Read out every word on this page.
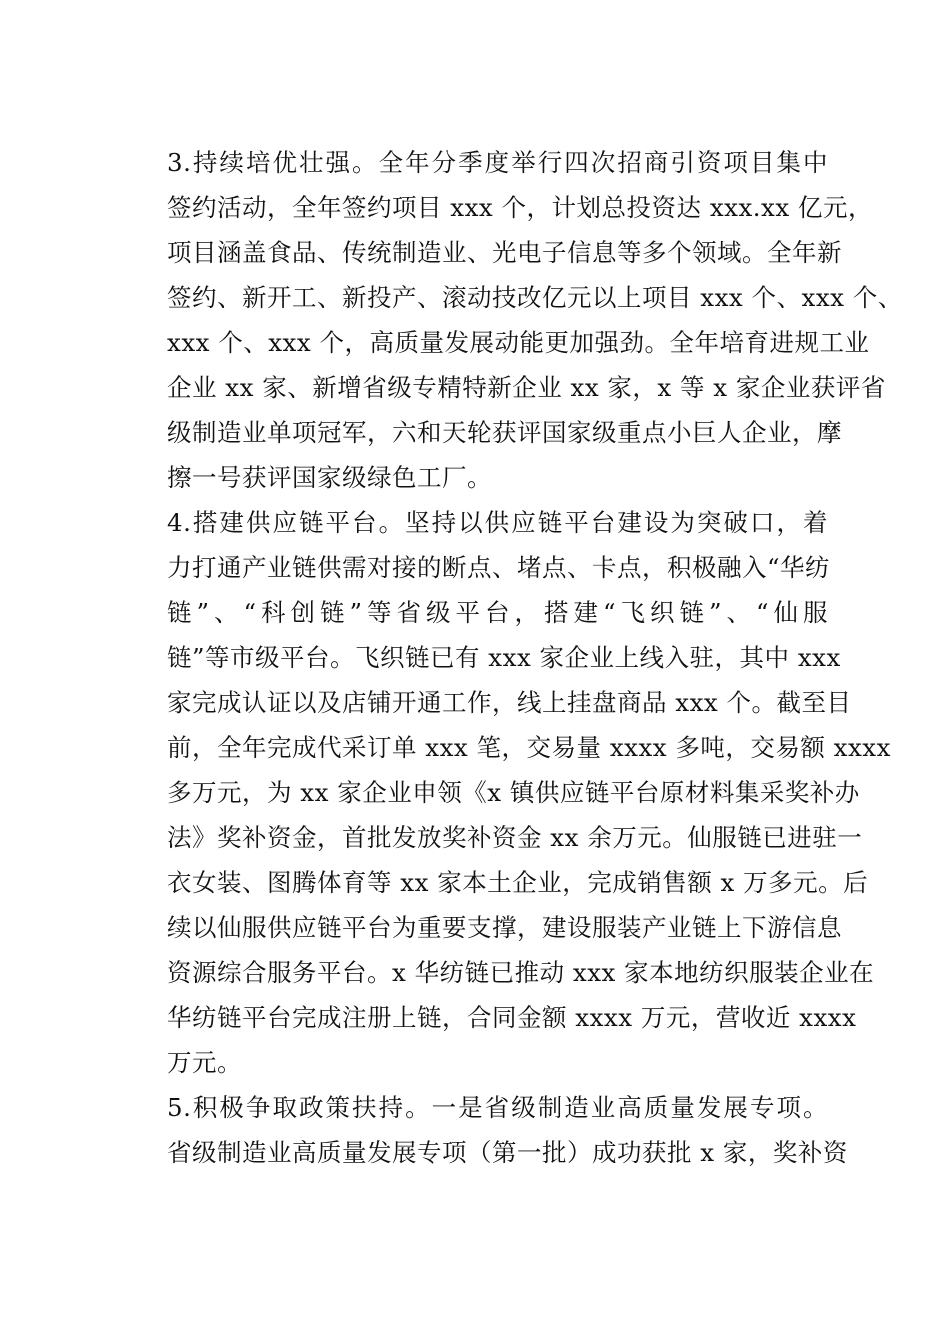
3.持续培优壮强。全年分季度举行四次招商引资项目集中
签约活动，全年签约项目 xxx 个，计划总投资达 xxx.xx 亿元，
项目涵盖食品、传统制造业、光电子信息等多个领域。全年新
签约、新开工、新投产、滚动技改亿元以上项目 xxx 个、xxx 个、
xxx 个、xxx 个，高质量发展动能更加强劲。全年培育进规工业
企业 xx 家、新增省级专精特新企业 xx 家，x 等 x 家企业获评省
级制造业单项冠军，六和天轮获评国家级重点小巨人企业，摩
擦一号获评国家级绿色工厂。
4.搭建供应链平台。坚持以供应链平台建设为突破口，着
力打通产业链供需对接的断点、堵点、卡点，积极融入“华纺
链”、“科创链”等省级平台，搭建“飞织链”、“仙服
链”等市级平台。飞织链已有 xxx 家企业上线入驻，其中 xxx
家完成认证以及店铺开通工作，线上挂盘商品 xxx 个。截至目
前，全年完成代采订单 xxx 笔，交易量 xxxx 多吨，交易额 xxxx
多万元，为 xx 家企业申领《x 镇供应链平台原材料集采奖补办
法》奖补资金，首批发放奖补资金 xx 余万元。仙服链已进驻一
衣女装、图腾体育等 xx 家本土企业，完成销售额 x 万多元。后
续以仙服供应链平台为重要支撑，建设服装产业链上下游信息
资源综合服务平台。x 华纺链已推动 xxx 家本地纺织服装企业在
华纺链平台完成注册上链，合同金额 xxxx 万元，营收近 xxxx
万元。
5.积极争取政策扶持。一是省级制造业高质量发展专项。
省级制造业高质量发展专项（第一批）成功获批 x 家，奖补资
